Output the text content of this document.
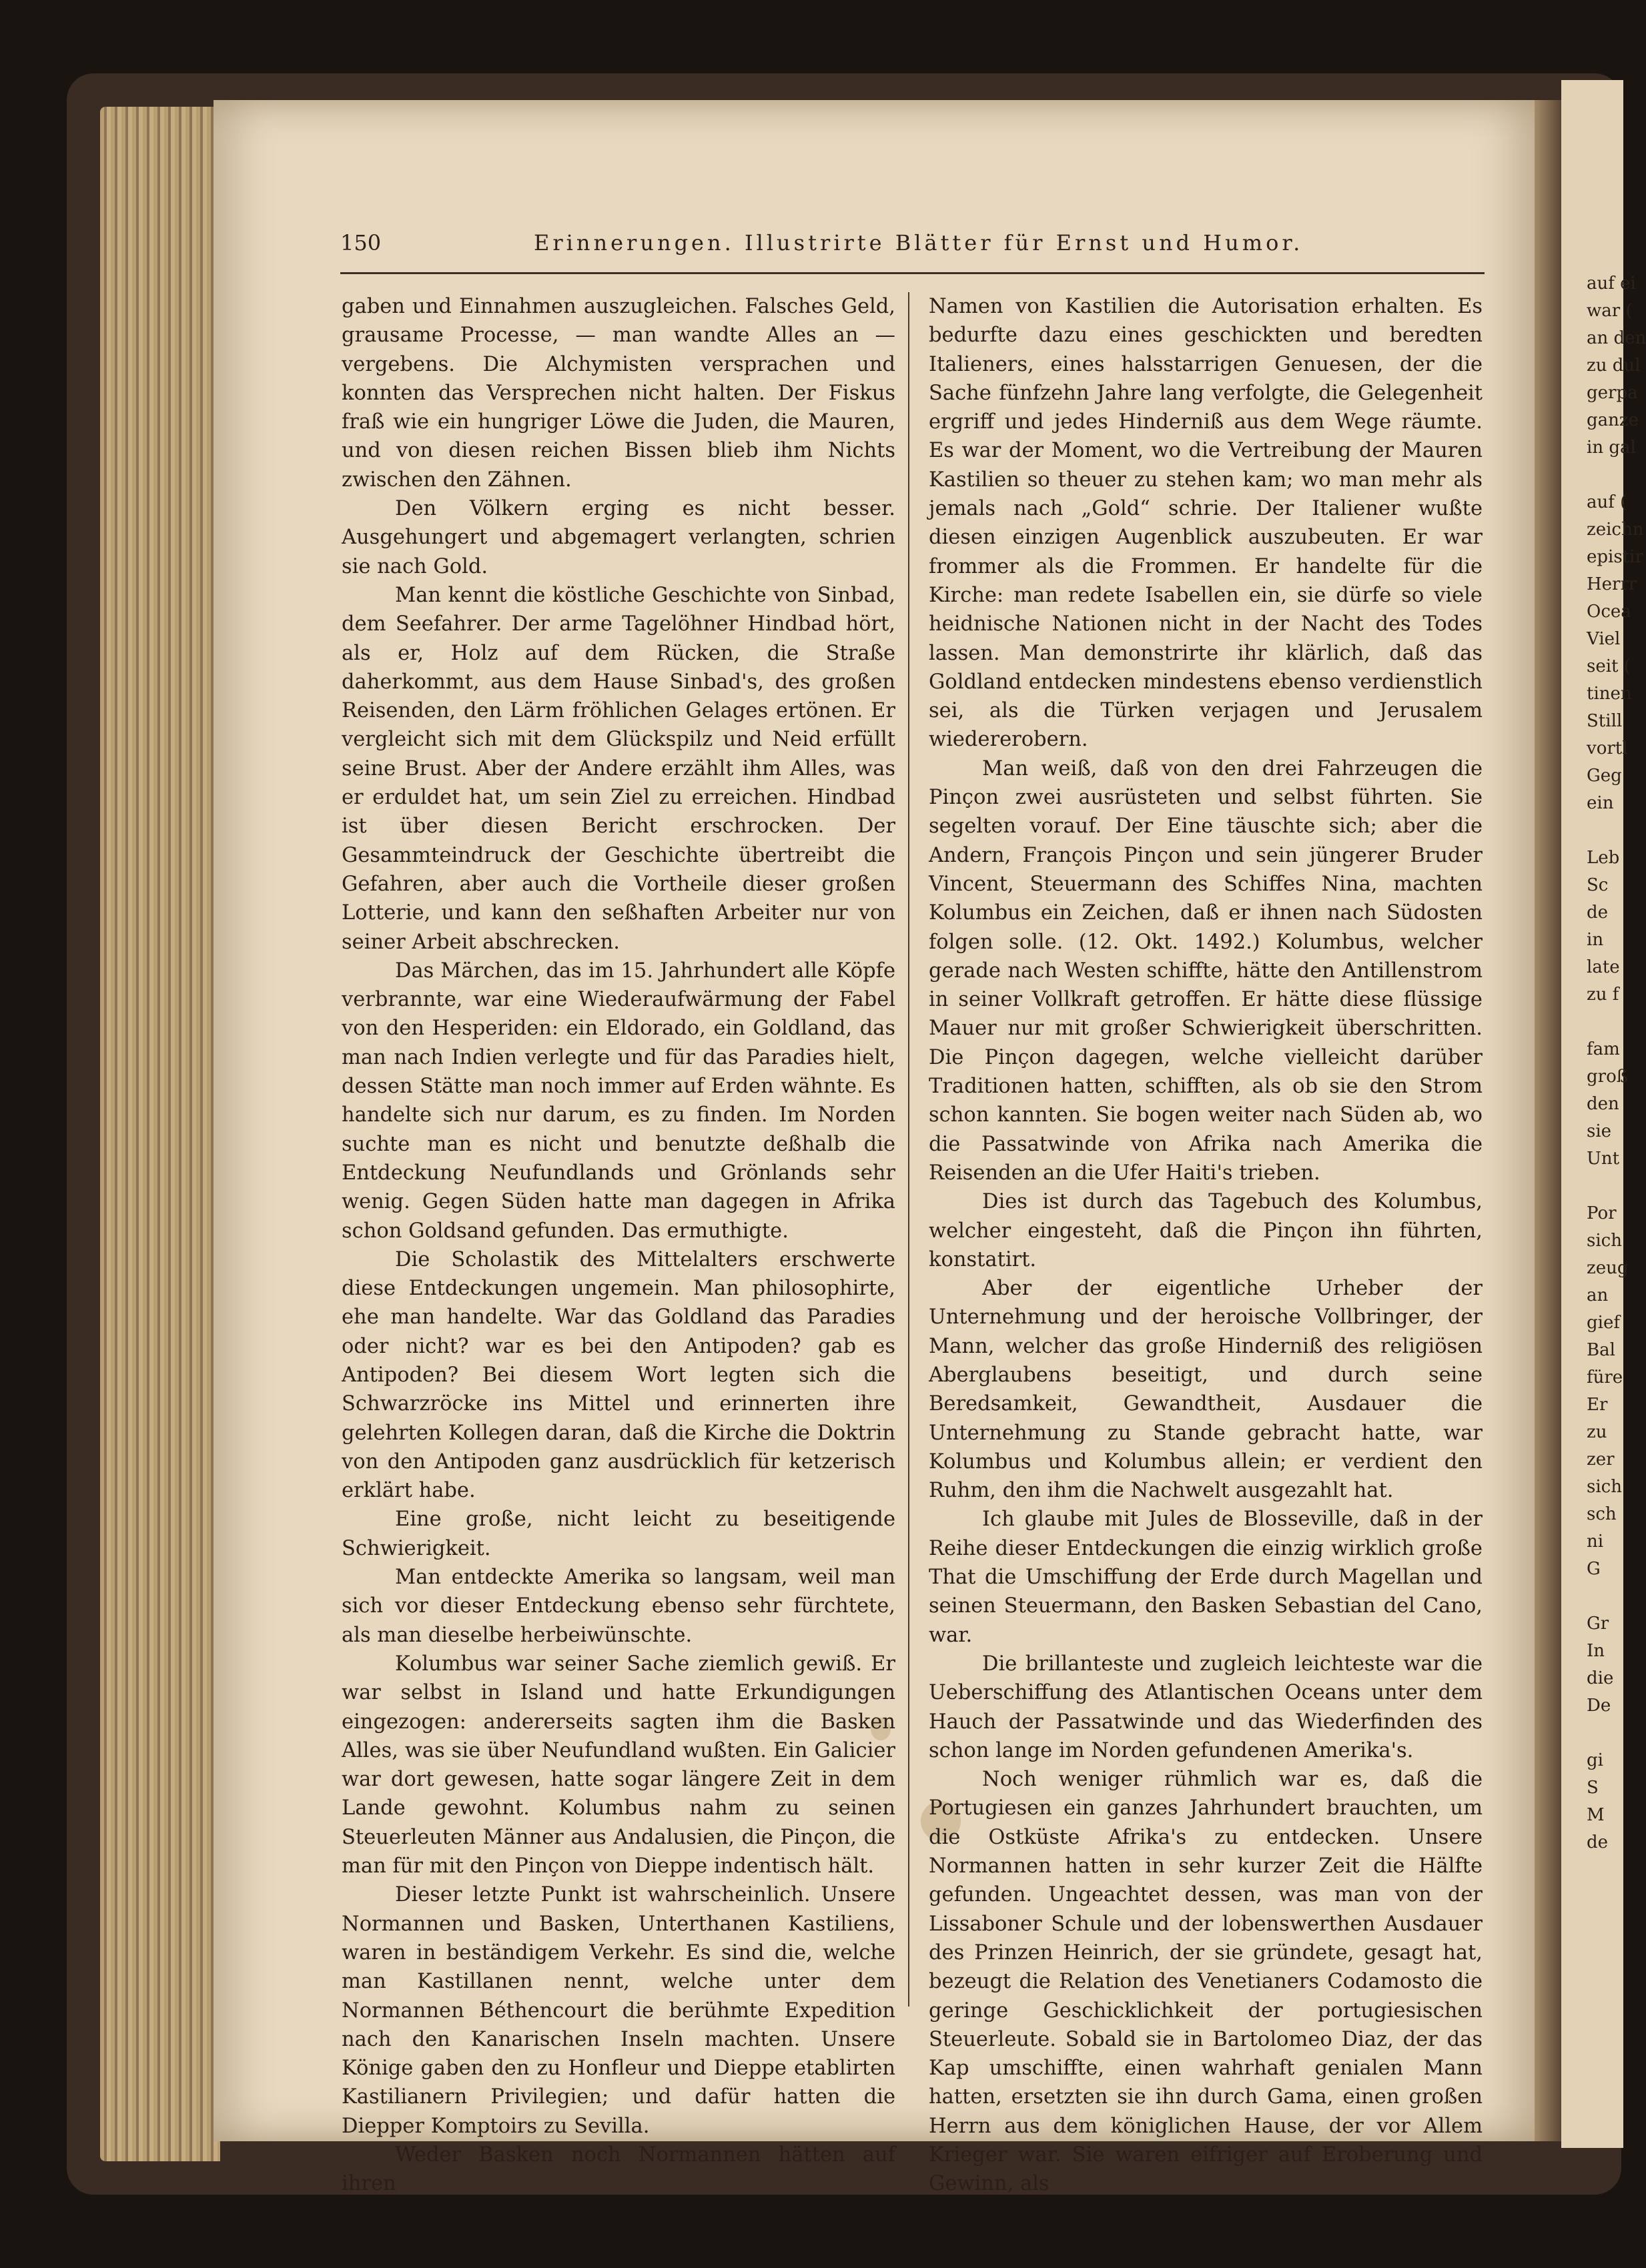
auf ei
war (
an den
zu dul
gerpa
ganze
in gal
auf (
zeichn
epistir
Herrr
Ocea
Viel
seit (
tinen
Still
vortl
Geg
ein
Leb
Sc
de
in
late
zu f
fam
groß
den
sie
Unt
Por
sich
zeug
an
gief
Bal
füre
Er
zu
zer
sich
sch
ni
G
Gr
In
die
De
gi
S
M
de
150	Erinnerungen. Illustrirte Blätter für Ernst und Humor.

gaben und Einnahmen auszugleichen. Falsches Geld, grausame Processe, — man wandte Alles an — vergebens. Die Alchymisten versprachen und konnten das Versprechen nicht halten. Der Fiskus fraß wie ein hungriger Löwe die Juden, die Mauren, und von diesen reichen Bissen blieb ihm Nichts zwischen den Zähnen.

Den Völkern erging es nicht besser. Ausgehungert und abgemagert verlangten, schrien sie nach Gold.

Man kennt die köstliche Geschichte von Sinbad, dem Seefahrer. Der arme Tagelöhner Hindbad hört, als er, Holz auf dem Rücken, die Straße daherkommt, aus dem Hause Sinbad's, des großen Reisenden, den Lärm fröhlichen Gelages ertönen. Er vergleicht sich mit dem Glückspilz und Neid erfüllt seine Brust. Aber der Andere erzählt ihm Alles, was er erduldet hat, um sein Ziel zu erreichen. Hindbad ist über diesen Bericht erschrocken. Der Gesammteindruck der Geschichte übertreibt die Gefahren, aber auch die Vortheile dieser großen Lotterie, und kann den seßhaften Arbeiter nur von seiner Arbeit abschrecken.

Das Märchen, das im 15. Jahrhundert alle Köpfe verbrannte, war eine Wiederaufwärmung der Fabel von den Hesperiden: ein Eldorado, ein Goldland, das man nach Indien verlegte und für das Paradies hielt, dessen Stätte man noch immer auf Erden wähnte. Es handelte sich nur darum, es zu finden. Im Norden suchte man es nicht und benutzte deßhalb die Entdeckung Neufundlands und Grönlands sehr wenig. Gegen Süden hatte man dagegen in Afrika schon Goldsand gefunden. Das ermuthigte.

Die Scholastik des Mittelalters erschwerte diese Entdeckungen ungemein. Man philosophirte, ehe man handelte. War das Goldland das Paradies oder nicht? war es bei den Antipoden? gab es Antipoden? Bei diesem Wort legten sich die Schwarzröcke ins Mittel und erinnerten ihre gelehrten Kollegen daran, daß die Kirche die Doktrin von den Antipoden ganz ausdrücklich für ketzerisch erklärt habe.

Eine große, nicht leicht zu beseitigende Schwierigkeit.

Man entdeckte Amerika so langsam, weil man sich vor dieser Entdeckung ebenso sehr fürchtete, als man dieselbe herbeiwünschte.

Kolumbus war seiner Sache ziemlich gewiß. Er war selbst in Island und hatte Erkundigungen eingezogen: andererseits sagten ihm die Basken Alles, was sie über Neufundland wußten. Ein Galicier war dort gewesen, hatte sogar längere Zeit in dem Lande gewohnt. Kolumbus nahm zu seinen Steuerleuten Männer aus Andalusien, die Pinçon, die man für mit den Pinçon von Dieppe indentisch hält.

Dieser letzte Punkt ist wahrscheinlich. Unsere Normannen und Basken, Unterthanen Kastiliens, waren in beständigem Verkehr. Es sind die, welche man Kastillanen nennt, welche unter dem Normannen Béthencourt die berühmte Expedition nach den Kanarischen Inseln machten. Unsere Könige gaben den zu Honfleur und Dieppe etablirten Kastilianern Privilegien; und dafür hatten die Diepper Komptoirs zu Sevilla.

Weder Basken noch Normannen hätten auf ihren

Namen von Kastilien die Autorisation erhalten. Es bedurfte dazu eines geschickten und beredten Italieners, eines halsstarrigen Genuesen, der die Sache fünfzehn Jahre lang verfolgte, die Gelegenheit ergriff und jedes Hinderniß aus dem Wege räumte. Es war der Moment, wo die Vertreibung der Mauren Kastilien so theuer zu stehen kam; wo man mehr als jemals nach „Gold“ schrie. Der Italiener wußte diesen einzigen Augenblick auszubeuten. Er war frommer als die Frommen. Er handelte für die Kirche: man redete Isabellen ein, sie dürfe so viele heidnische Nationen nicht in der Nacht des Todes lassen. Man demonstrirte ihr klärlich, daß das Goldland entdecken mindestens ebenso verdienstlich sei, als die Türken verjagen und Jerusalem wiedererobern.

Man weiß, daß von den drei Fahrzeugen die Pinçon zwei ausrüsteten und selbst führten. Sie segelten vorauf. Der Eine täuschte sich; aber die Andern, François Pinçon und sein jüngerer Bruder Vincent, Steuermann des Schiffes Nina, machten Kolumbus ein Zeichen, daß er ihnen nach Südosten folgen solle. (12. Okt. 1492.) Kolumbus, welcher gerade nach Westen schiffte, hätte den Antillenstrom in seiner Vollkraft getroffen. Er hätte diese flüssige Mauer nur mit großer Schwierigkeit überschritten. Die Pinçon dagegen, welche vielleicht darüber Traditionen hatten, schifften, als ob sie den Strom schon kannten. Sie bogen weiter nach Süden ab, wo die Passatwinde von Afrika nach Amerika die Reisenden an die Ufer Haiti's trieben.

Dies ist durch das Tagebuch des Kolumbus, welcher eingesteht, daß die Pinçon ihn führten, konstatirt.

Aber der eigentliche Urheber der Unternehmung und der heroische Vollbringer, der Mann, welcher das große Hinderniß des religiösen Aberglaubens beseitigt, und durch seine Beredsamkeit, Gewandtheit, Ausdauer die Unternehmung zu Stande gebracht hatte, war Kolumbus und Kolumbus allein; er verdient den Ruhm, den ihm die Nachwelt ausgezahlt hat.

Ich glaube mit Jules de Blosseville, daß in der Reihe dieser Entdeckungen die einzig wirklich große That die Umschiffung der Erde durch Magellan und seinen Steuermann, den Basken Sebastian del Cano, war.

Die brillanteste und zugleich leichteste war die Ueberschiffung des Atlantischen Oceans unter dem Hauch der Passatwinde und das Wiederfinden des schon lange im Norden gefundenen Amerika's.

Noch weniger rühmlich war es, daß die Portugiesen ein ganzes Jahrhundert brauchten, um die Ostküste Afrika's zu entdecken. Unsere Normannen hatten in sehr kurzer Zeit die Hälfte gefunden. Ungeachtet dessen, was man von der Lissaboner Schule und der lobenswerthen Ausdauer des Prinzen Heinrich, der sie gründete, gesagt hat, bezeugt die Relation des Venetianers Codamosto die geringe Geschicklichkeit der portugiesischen Steuerleute. Sobald sie in Bartolomeo Diaz, der das Kap umschiffte, einen wahrhaft genialen Mann hatten, ersetzten sie ihn durch Gama, einen großen Herrn aus dem königlichen Hause, der vor Allem Krieger war. Sie waren eifriger auf Eroberung und Gewinn, als
